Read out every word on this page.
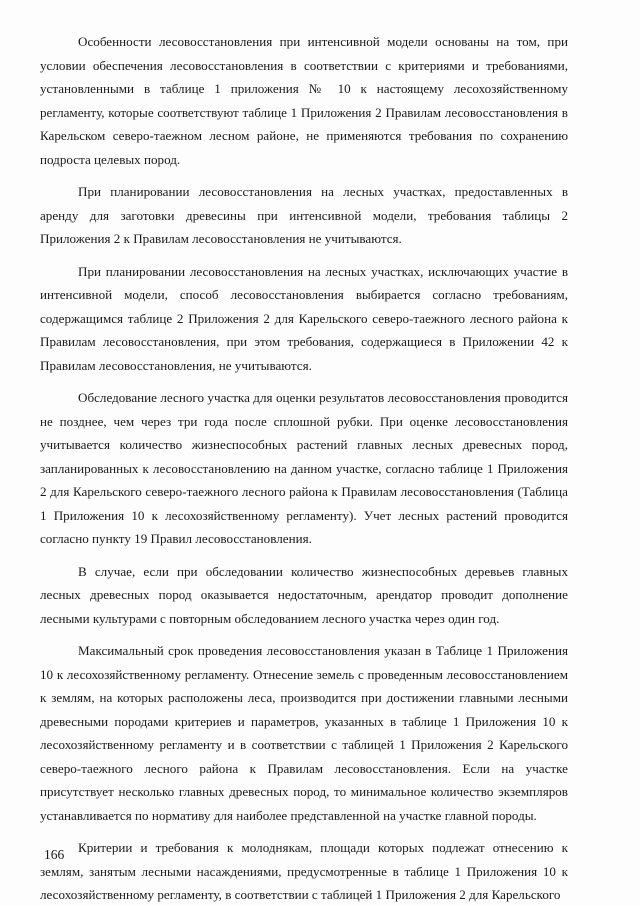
Особенности лесовосстановления при интенсивной модели основаны на том, при условии обеспечения лесовосстановления в соответствии с критериями и требованиями, установленными в таблице 1 приложения № 10 к настоящему лесохозяйственному регламенту, которые соответствуют таблице 1 Приложения 2 Правилам лесовосстановления в Карельском северо-таежном лесном районе, не применяются требования по сохранению подроста целевых пород.

При планировании лесовосстановления на лесных участках, предоставленных в аренду для заготовки древесины при интенсивной модели, требования таблицы 2 Приложения 2 к Правилам лесовосстановления не учитываются.

При планировании лесовосстановления на лесных участках, исключающих участие в интенсивной модели, способ лесовосстановления выбирается согласно требованиям, содержащимся таблице 2 Приложения 2 для Карельского северо-таежного лесного района к Правилам лесовосстановления, при этом требования, содержащиеся в Приложении 42 к Правилам лесовосстановления, не учитываются.

Обследование лесного участка для оценки результатов лесовосстановления проводится не позднее, чем через три года после сплошной рубки. При оценке лесовосстановления учитывается количество жизнеспособных растений главных лесных древесных пород, запланированных к лесовосстановлению на данном участке, согласно таблице 1 Приложения 2 для Карельского северо-таежного лесного района к Правилам лесовосстановления (Таблица 1 Приложения 10 к лесохозяйственному регламенту). Учет лесных растений проводится согласно пункту 19 Правил лесовосстановления.

В случае, если при обследовании количество жизнеспособных деревьев главных лесных древесных пород оказывается недостаточным, арендатор проводит дополнение лесными культурами с повторным обследованием лесного участка через один год.

Максимальный срок проведения лесовосстановления указан в Таблице 1 Приложения 10 к лесохозяйственному регламенту. Отнесение земель с проведенным лесовосстановлением к землям, на которых расположены леса, производится при достижении главными лесными древесными породами критериев и параметров, указанных в таблице 1 Приложения 10 к лесохозяйственному регламенту и в соответствии с таблицей 1 Приложения 2 Карельского северо-таежного лесного района к Правилам лесовосстановления. Если на участке присутствует несколько главных древесных пород, то минимальное количество экземпляров устанавливается по нормативу для наиболее представленной на участке главной породы.

Критерии и требования к молоднякам, площади которых подлежат отнесению к землям, занятым лесными насаждениями, предусмотренные в таблице 1 Приложения 10 к лесохозяйственному регламенту, в соответствии с таблицей 1 Приложения 2 для Карельского

166
